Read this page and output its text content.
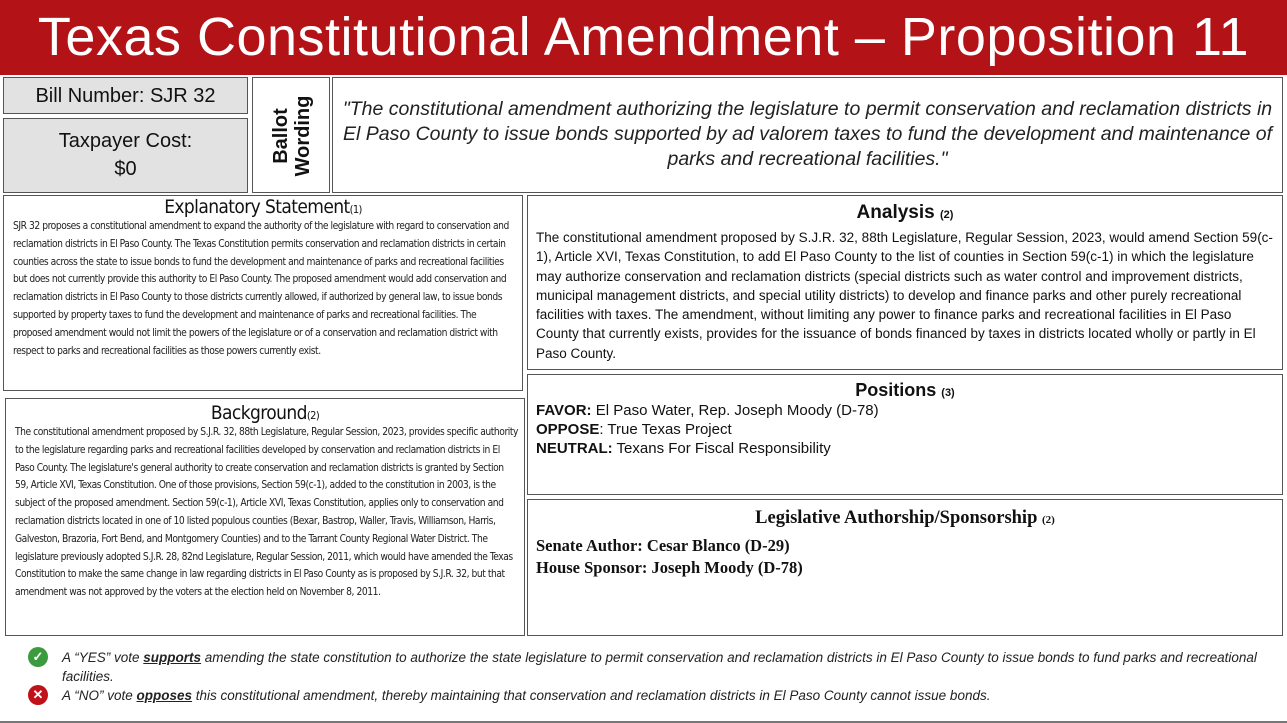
Texas Constitutional Amendment – Proposition 11
Bill Number: SJR 32
Taxpayer Cost:
$0
Ballot Wording	"The constitutional amendment authorizing the legislature to permit conservation and reclamation districts in El Paso County to issue bonds supported by ad valorem taxes to fund the development and maintenance of parks and recreational facilities."
Explanatory Statement(1)
SJR 32 proposes a constitutional amendment to expand the authority of the legislature with regard to conservation and reclamation districts in El Paso County. The Texas Constitution permits conservation and reclamation districts in certain counties across the state to issue bonds to fund the development and maintenance of parks and recreational facilities but does not currently provide this authority to El Paso County. The proposed amendment would add conservation and reclamation districts in El Paso County to those districts currently allowed, if authorized by general law, to issue bonds supported by property taxes to fund the development and maintenance of parks and recreational facilities. The proposed amendment would not limit the powers of the legislature or of a conservation and reclamation district with respect to parks and recreational facilities as those powers currently exist.
Background(2)
The constitutional amendment proposed by S.J.R. 32, 88th Legislature, Regular Session, 2023, provides specific authority to the legislature regarding parks and recreational facilities developed by conservation and reclamation districts in El Paso County. The legislature's general authority to create conservation and reclamation districts is granted by Section 59, Article XVI, Texas Constitution. One of those provisions, Section 59(c-1), added to the constitution in 2003, is the subject of the proposed amendment. Section 59(c-1), Article XVI, Texas Constitution, applies only to conservation and reclamation districts located in one of 10 listed populous counties (Bexar, Bastrop, Waller, Travis, Williamson, Harris, Galveston, Brazoria, Fort Bend, and Montgomery Counties) and to the Tarrant County Regional Water District. The legislature previously adopted S.J.R. 28, 82nd Legislature, Regular Session, 2011, which would have amended the Texas Constitution to make the same change in law regarding districts in El Paso County as is proposed by S.J.R. 32, but that amendment was not approved by the voters at the election held on November 8, 2011.
Analysis (2)
The constitutional amendment proposed by S.J.R. 32, 88th Legislature, Regular Session, 2023, would amend Section 59(c-1), Article XVI, Texas Constitution, to add El Paso County to the list of counties in Section 59(c-1) in which the legislature may authorize conservation and reclamation districts (special districts such as water control and improvement districts, municipal management districts, and special utility districts) to develop and finance parks and other purely recreational facilities with taxes. The amendment, without limiting any power to finance parks and recreational facilities in El Paso County that currently exists, provides for the issuance of bonds financed by taxes in districts located wholly or partly in El Paso County.
Positions (3)
FAVOR: El Paso Water, Rep. Joseph Moody (D-78)
OPPOSE: True Texas Project
NEUTRAL: Texans For Fiscal Responsibility
Legislative Authorship/Sponsorship (2)
Senate Author: Cesar Blanco (D-29)
House Sponsor: Joseph Moody (D-78)
✓	A “YES” vote supports amending the state constitution to authorize the state legislature to permit conservation and reclamation districts in El Paso County to issue bonds to fund parks and recreational facilities.
✕	A “NO” vote opposes this constitutional amendment, thereby maintaining that conservation and reclamation districts in El Paso County cannot issue bonds.
